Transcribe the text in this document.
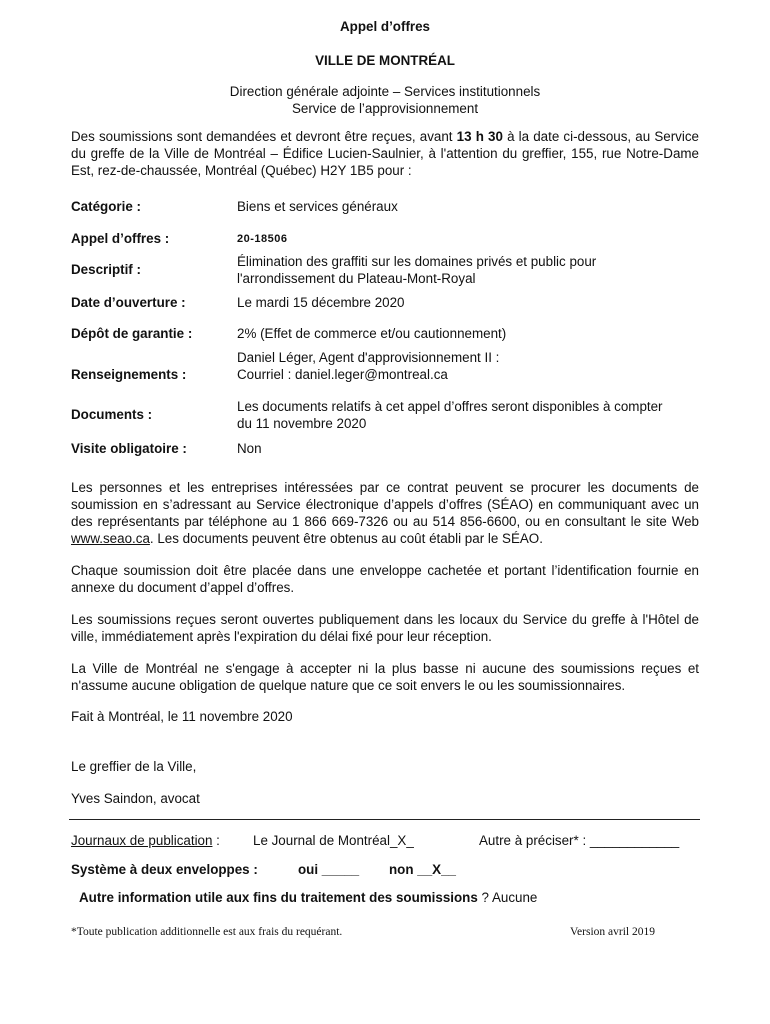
Appel d’offres
VILLE DE MONTRÉAL
Direction générale adjointe – Services institutionnels
Service de l’approvisionnement
Des soumissions sont demandées et devront être reçues, avant 13 h 30 à la date ci-dessous, au Service du greffe de la Ville de Montréal – Édifice Lucien-Saulnier, à l'attention du greffier, 155, rue Notre-Dame Est, rez-de-chaussée, Montréal (Québec) H2Y 1B5 pour :
Catégorie :	Biens et services généraux
Appel d’offres :	20-18506
Descriptif :
Élimination des graffiti sur les domaines privés et public pour
l'arrondissement du Plateau-Mont-Royal
Date d’ouverture :	Le mardi 15 décembre 2020
Dépôt de garantie :	2% (Effet de commerce et/ou cautionnement)
Renseignements :
Daniel Léger, Agent d'approvisionnement II :
Courriel : daniel.leger@montreal.ca
Documents :
Les documents relatifs à cet appel d’offres seront disponibles à compter
du 11 novembre 2020
Visite obligatoire :	Non
Les personnes et les entreprises intéressées par ce contrat peuvent se procurer les documents de soumission en s’adressant au Service électronique d’appels d’offres (SÉAO) en communiquant avec un des représentants par téléphone au 1 866 669-7326 ou au 514 856-6600, ou en consultant le site Web www.seao.ca. Les documents peuvent être obtenus au coût établi par le SÉAO.
Chaque soumission doit être placée dans une enveloppe cachetée et portant l’identification fournie en annexe du document d’appel d’offres.
Les soumissions reçues seront ouvertes publiquement dans les locaux du Service du greffe à l'Hôtel de ville, immédiatement après l'expiration du délai fixé pour leur réception.
La Ville de Montréal ne s'engage à accepter ni la plus basse ni aucune des soumissions reçues et n'assume aucune obligation de quelque nature que ce soit envers le ou les soumissionnaires.
Fait à Montréal, le 11 novembre 2020
Le greffier de la Ville,
Yves Saindon, avocat
Journaux de publication : Le Journal de Montréal_X_	Autre à préciser* : ____________
Système à deux enveloppes :	oui _____ non __X__
Autre information utile aux fins du traitement des soumissions ? Aucune
*Toute publication additionnelle est aux frais du requérant.	Version avril 2019
